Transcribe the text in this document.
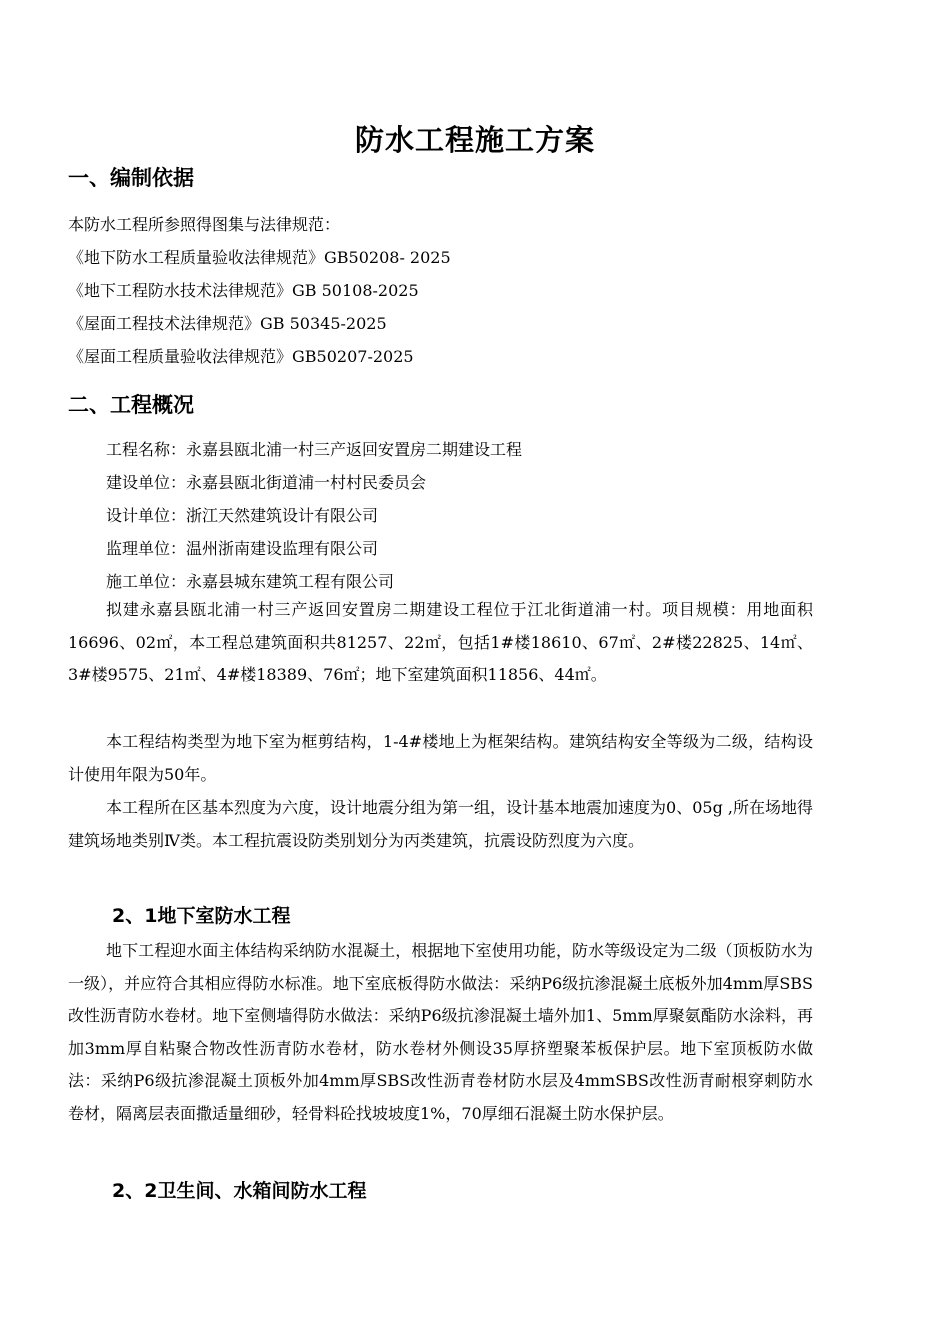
防水工程施工方案
一、编制依据
本防水工程所参照得图集与法律规范：
《地下防水工程质量验收法律规范》GB50208- 2025
《地下工程防水技术法律规范》GB 50108-2025
《屋面工程技术法律规范》GB 50345-2025
《屋面工程质量验收法律规范》GB50207-2025
二、工程概况
工程名称：永嘉县瓯北浦一村三产返回安置房二期建设工程
建设单位：永嘉县瓯北街道浦一村村民委员会
设计单位：浙江天然建筑设计有限公司
监理单位：温州浙南建设监理有限公司
施工单位：永嘉县城东建筑工程有限公司

拟建永嘉县瓯北浦一村三产返回安置房二期建设工程位于江北街道浦一村。项目规模：用地面积16696、02㎡，本工程总建筑面积共81257、22㎡，包括1#楼18610、67㎡、2#楼22825、14㎡、3#楼9575、21㎡、4#楼18389、76㎡；地下室建筑面积11856、44㎡。

本工程结构类型为地下室为框剪结构，1-4#楼地上为框架结构。建筑结构安全等级为二级，结构设计使用年限为50年。

本工程所在区基本烈度为六度，设计地震分组为第一组，设计基本地震加速度为0、05g ,所在场地得建筑场地类别Ⅳ类。本工程抗震设防类别划分为丙类建筑，抗震设防烈度为六度。

2、1地下室防水工程

地下工程迎水面主体结构采纳防水混凝土，根据地下室使用功能，防水等级设定为二级（顶板防水为一级），并应符合其相应得防水标准。地下室底板得防水做法：采纳P6级抗渗混凝土底板外加4mm厚SBS改性沥青防水卷材。地下室侧墙得防水做法：采纳P6级抗渗混凝土墙外加1、5mm厚聚氨酯防水涂料，再加3mm厚自粘聚合物改性沥青防水卷材，防水卷材外侧设35厚挤塑聚苯板保护层。地下室顶板防水做法：采纳P6级抗渗混凝土顶板外加4mm厚SBS改性沥青卷材防水层及4mmSBS改性沥青耐根穿刺防水卷材，隔离层表面撒适量细砂，轻骨料砼找坡坡度1%，70厚细石混凝土防水保护层。

2、2卫生间、水箱间防水工程
